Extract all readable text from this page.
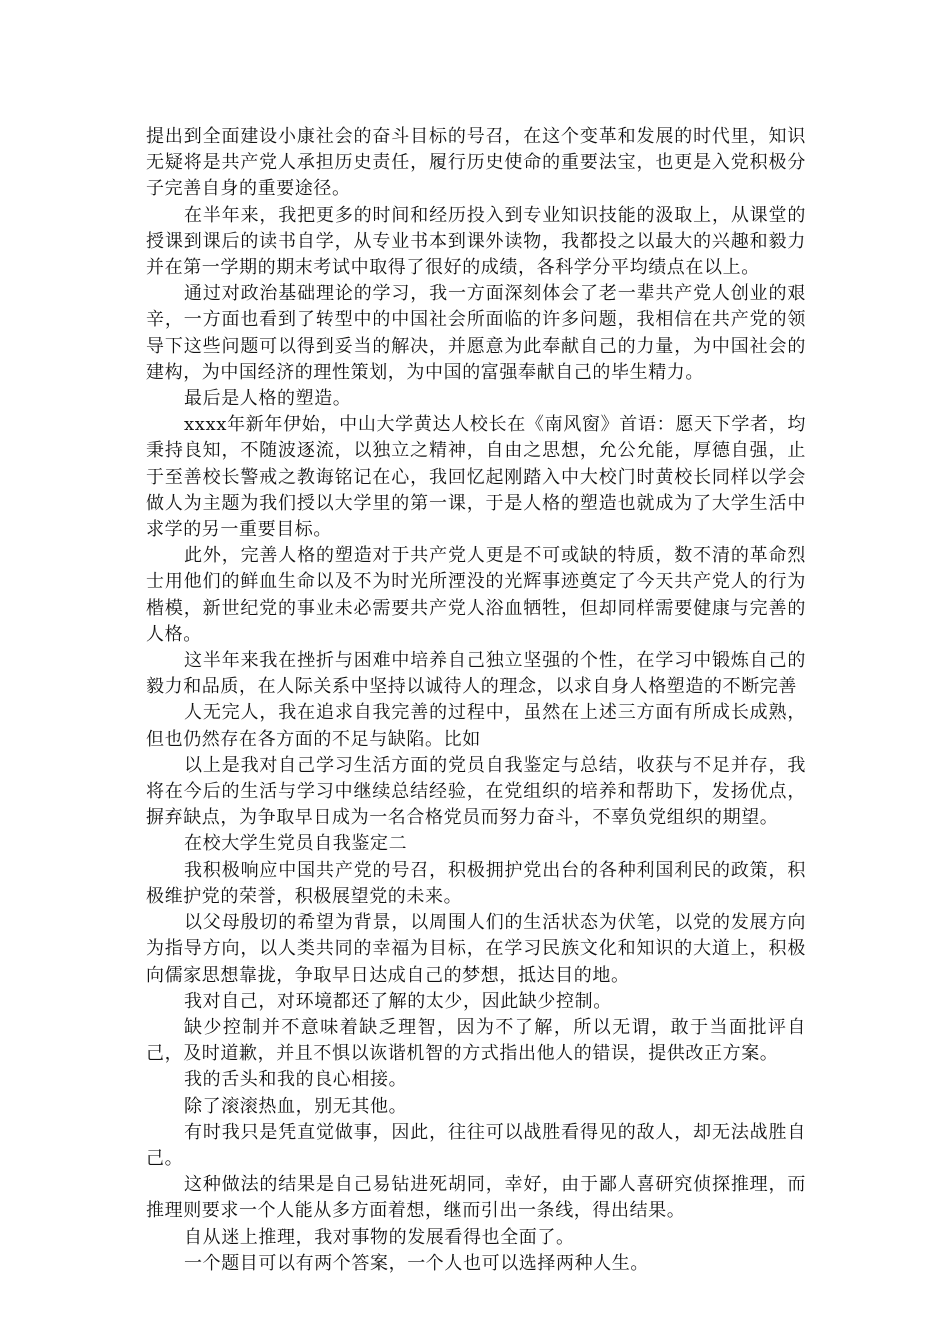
提出到全面建设小康社会的奋斗目标的号召，在这个变革和发展的时代里，知识无疑将是共产党人承担历史责任，履行历史使命的重要法宝，也更是入党积极分子完善自身的重要途径。

在半年来，我把更多的时间和经历投入到专业知识技能的汲取上，从课堂的授课到课后的读书自学，从专业书本到课外读物，我都投之以最大的兴趣和毅力并在第一学期的期末考试中取得了很好的成绩，各科学分平均绩点在以上。

通过对政治基础理论的学习，我一方面深刻体会了老一辈共产党人创业的艰辛，一方面也看到了转型中的中国社会所面临的许多问题，我相信在共产党的领导下这些问题可以得到妥当的解决，并愿意为此奉献自己的力量，为中国社会的建构，为中国经济的理性策划，为中国的富强奉献自己的毕生精力。

最后是人格的塑造。

xxxx年新年伊始，中山大学黄达人校长在《南风窗》首语：愿天下学者，均秉持良知，不随波逐流，以独立之精神，自由之思想，允公允能，厚德自强，止于至善校长警戒之教诲铭记在心，我回忆起刚踏入中大校门时黄校长同样以学会做人为主题为我们授以大学里的第一课，于是人格的塑造也就成为了大学生活中求学的另一重要目标。

此外，完善人格的塑造对于共产党人更是不可或缺的特质，数不清的革命烈士用他们的鲜血生命以及不为时光所湮没的光辉事迹奠定了今天共产党人的行为楷模，新世纪党的事业未必需要共产党人浴血牺牲，但却同样需要健康与完善的人格。

这半年来我在挫折与困难中培养自己独立坚强的个性，在学习中锻炼自己的毅力和品质，在人际关系中坚持以诚待人的理念，以求自身人格塑造的不断完善

人无完人，我在追求自我完善的过程中，虽然在上述三方面有所成长成熟，但也仍然存在各方面的不足与缺陷。比如

以上是我对自己学习生活方面的党员自我鉴定与总结，收获与不足并存，我将在今后的生活与学习中继续总结经验，在党组织的培养和帮助下，发扬优点，摒弃缺点，为争取早日成为一名合格党员而努力奋斗，不辜负党组织的期望。

在校大学生党员自我鉴定二

我积极响应中国共产党的号召，积极拥护党出台的各种利国利民的政策，积极维护党的荣誉，积极展望党的未来。

以父母殷切的希望为背景，以周围人们的生活状态为伏笔，以党的发展方向为指导方向，以人类共同的幸福为目标，在学习民族文化和知识的大道上，积极向儒家思想靠拢，争取早日达成自己的梦想，抵达目的地。

我对自己，对环境都还了解的太少，因此缺少控制。

缺少控制并不意味着缺乏理智，因为不了解，所以无谓，敢于当面批评自己，及时道歉，并且不惧以诙谐机智的方式指出他人的错误，提供改正方案。

我的舌头和我的良心相接。

除了滚滚热血，别无其他。

有时我只是凭直觉做事，因此，往往可以战胜看得见的敌人，却无法战胜自己。

这种做法的结果是自己易钻进死胡同，幸好，由于鄙人喜研究侦探推理，而推理则要求一个人能从多方面着想，继而引出一条线，得出结果。

自从迷上推理，我对事物的发展看得也全面了。

一个题目可以有两个答案，一个人也可以选择两种人生。
